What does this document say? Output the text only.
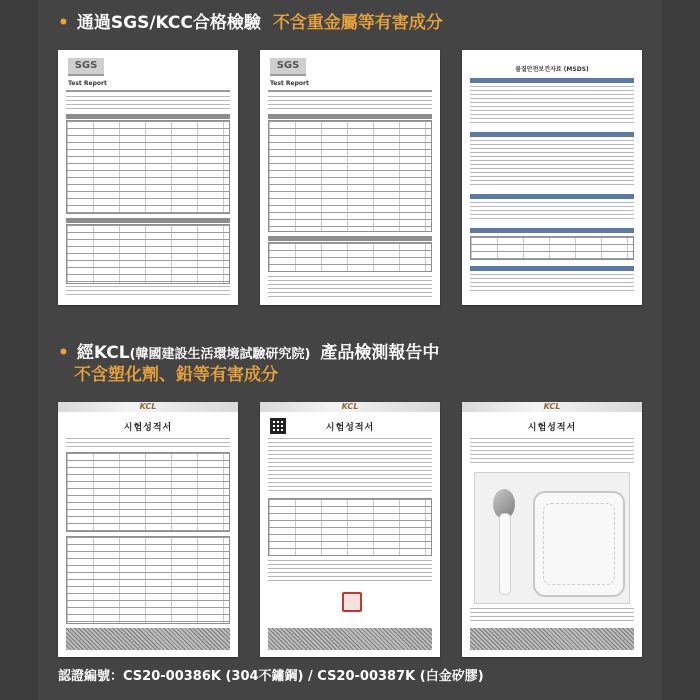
• 通過SGS/KCC合格檢驗 不含重金屬等有害成分
SGS
Test Report
SGS
Test Report
물질안전보건자료 (MSDS)
• 經KCL(韓國建設生活環境試驗研究院) 產品檢測報告中
不含塑化劑、鉛等有害成分
KCL
시험성적서
KCL
시험성적서
KCL
시험성적서
認證編號：CS20-00386K (304不鏽鋼) / CS20-00387K (白金矽膠)
